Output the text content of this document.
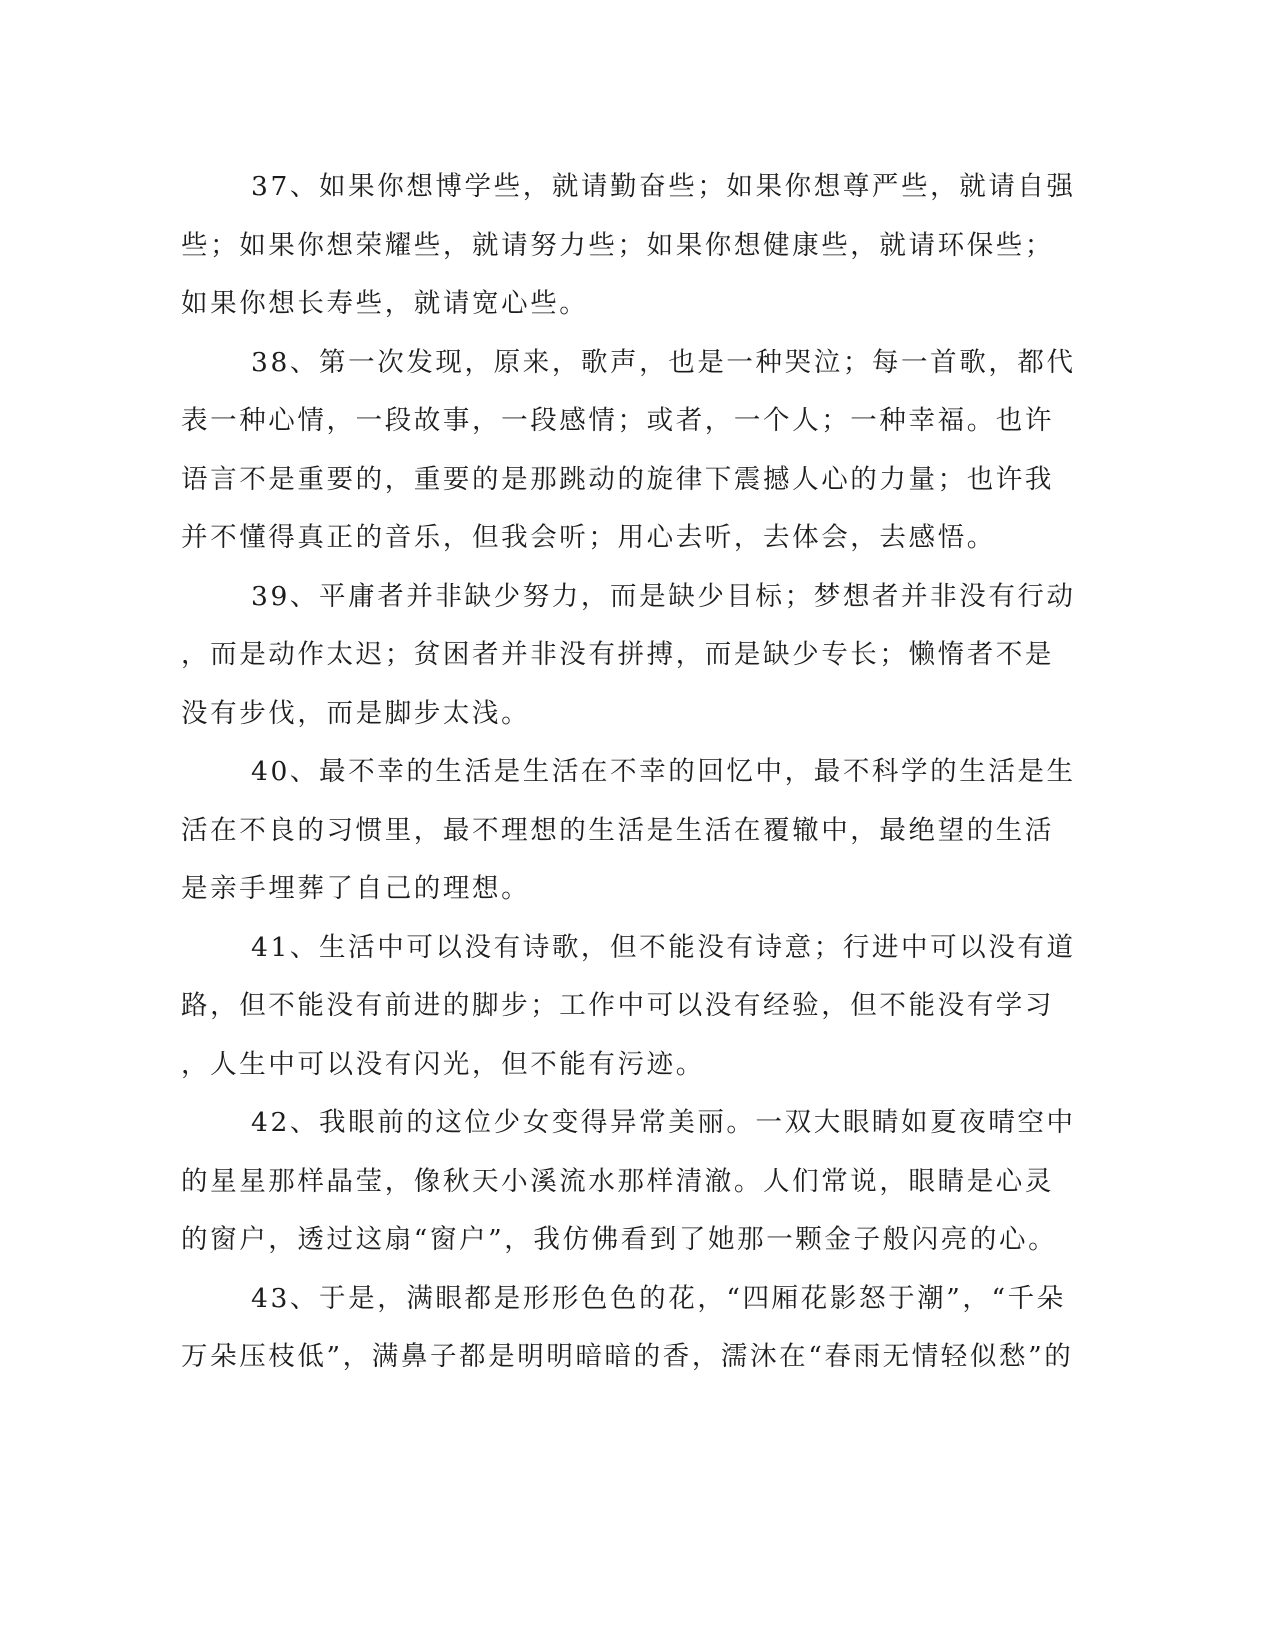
37、如果你想博学些，就请勤奋些；如果你想尊严些，就请自强
些；如果你想荣耀些，就请努力些；如果你想健康些，就请环保些；
如果你想长寿些，就请宽心些。
38、第一次发现，原来，歌声，也是一种哭泣；每一首歌，都代
表一种心情，一段故事，一段感情；或者，一个人；一种幸福。也许
语言不是重要的，重要的是那跳动的旋律下震撼人心的力量；也许我
并不懂得真正的音乐，但我会听；用心去听，去体会，去感悟。
39、平庸者并非缺少努力，而是缺少目标；梦想者并非没有行动
，而是动作太迟；贫困者并非没有拼搏，而是缺少专长；懒惰者不是
没有步伐，而是脚步太浅。
40、最不幸的生活是生活在不幸的回忆中，最不科学的生活是生
活在不良的习惯里，最不理想的生活是生活在覆辙中，最绝望的生活
是亲手埋葬了自己的理想。
41、生活中可以没有诗歌，但不能没有诗意；行进中可以没有道
路，但不能没有前进的脚步；工作中可以没有经验，但不能没有学习
，人生中可以没有闪光，但不能有污迹。
42、我眼前的这位少女变得异常美丽。一双大眼睛如夏夜晴空中
的星星那样晶莹，像秋天小溪流水那样清澈。人们常说，眼睛是心灵
的窗户，透过这扇“窗户”，我仿佛看到了她那一颗金子般闪亮的心。
43、于是，满眼都是形形色色的花，“四厢花影怒于潮”，“千朵
万朵压枝低”，满鼻子都是明明暗暗的香，濡沐在“春雨无情轻似愁”的
